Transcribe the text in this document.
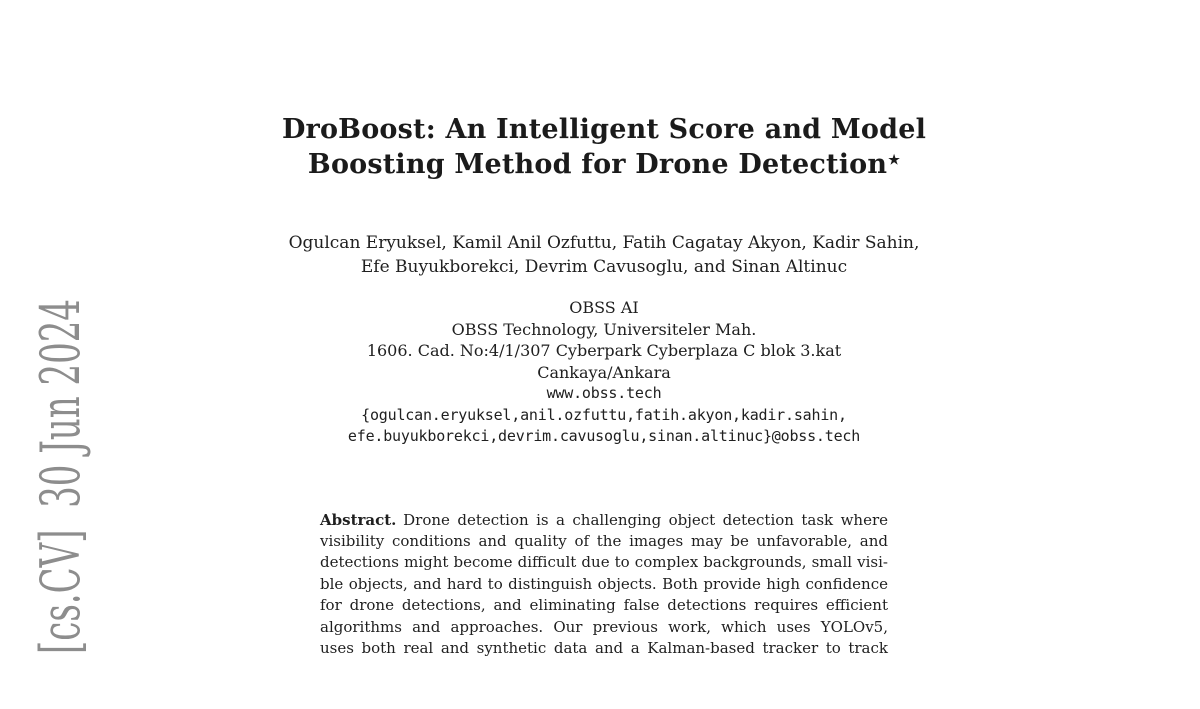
[cs.CV]  30 Jun 2024

DroBoost: An Intelligent Score and Model
Boosting Method for Drone Detection★

Ogulcan Eryuksel, Kamil Anil Ozfuttu, Fatih Cagatay Akyon, Kadir Sahin,
Efe Buyukborekci, Devrim Cavusoglu, and Sinan Altinuc

OBSS AI
OBSS Technology, Universiteler Mah.
1606. Cad. No:4/1/307 Cyberpark Cyberplaza C blok 3.kat
Cankaya/Ankara
www.obss.tech
{ogulcan.eryuksel,anil.ozfuttu,fatih.akyon,kadir.sahin,
efe.buyukborekci,devrim.cavusoglu,sinan.altinuc}@obss.tech
Abstract. Drone detection is a challenging object detection task where
visibility conditions and quality of the images may be unfavorable, and
detections might become difficult due to complex backgrounds, small visi-
ble objects, and hard to distinguish objects. Both provide high confidence
for drone detections, and eliminating false detections requires efficient
algorithms and approaches. Our previous work, which uses YOLOv5,
uses both real and synthetic data and a Kalman-based tracker to track
